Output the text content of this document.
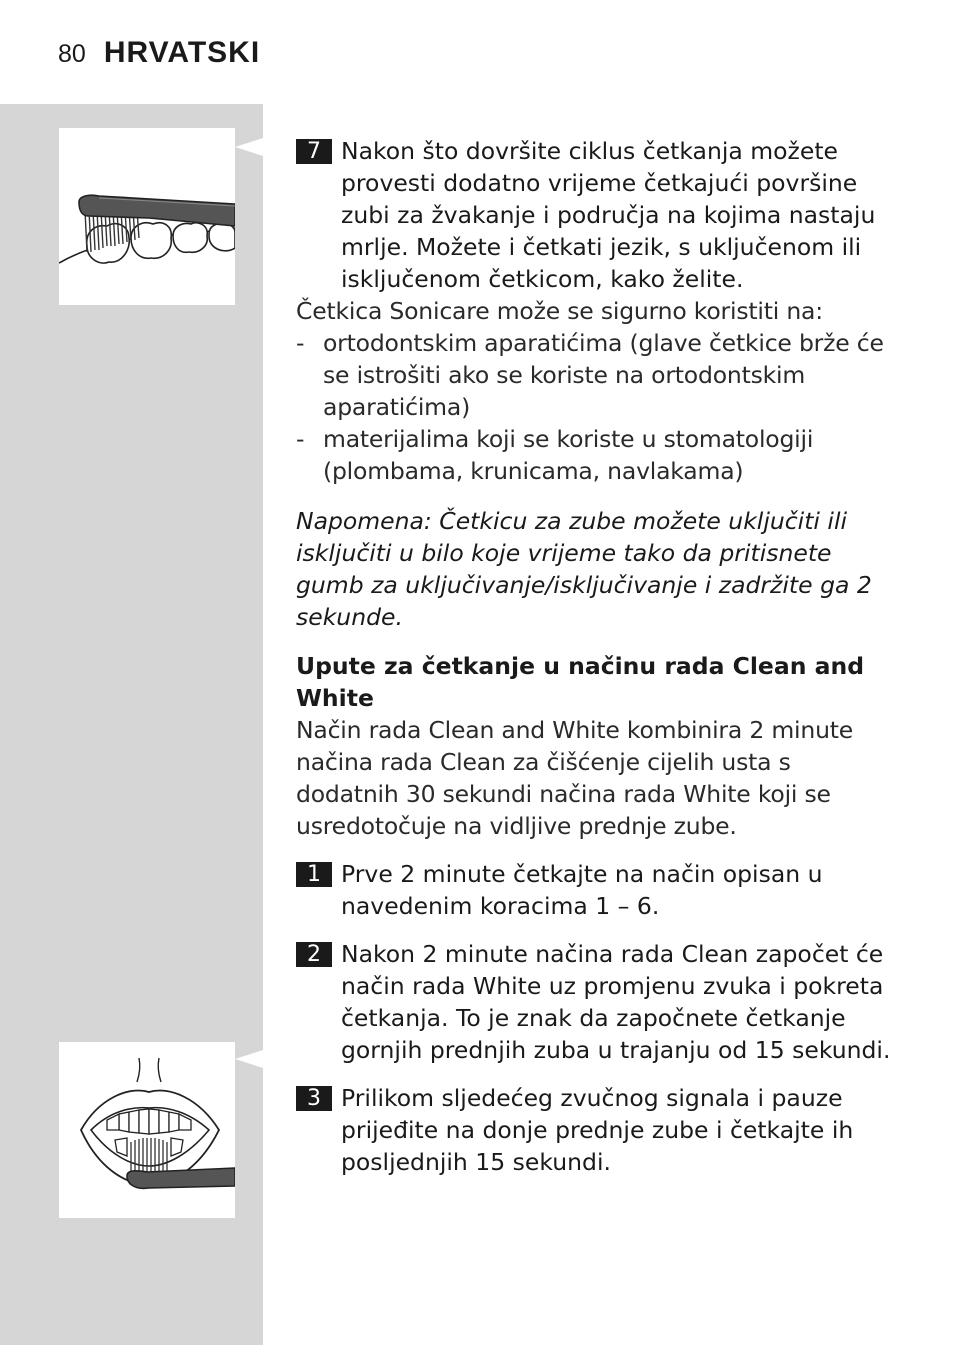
80 HRVATSKI
7 Nakon što dovršite ciklus četkanja možete provesti dodatno vrijeme četkajući površine zubi za žvakanje i područja na kojima nastaju mrlje. Možete i četkati jezik, s uključenom ili isključenom četkicom, kako želite.
Četkica Sonicare može se sigurno koristiti na:
- ortodontskim aparatićima (glave četkice brže će se istrošiti ako se koriste na ortodontskim aparatićima)
- materijalima koji se koriste u stomatologiji (plombama, krunicama, navlakama)
Napomena: Četkicu za zube možete uključiti ili isključiti u bilo koje vrijeme tako da pritisnete gumb za uključivanje/isključivanje i zadržite ga 2 sekunde.
Upute za četkanje u načinu rada Clean and White
Način rada Clean and White kombinira 2 minute načina rada Clean za čišćenje cijelih usta s dodatnih 30 sekundi načina rada White koji se usredotočuje na vidljive prednje zube.
1 Prve 2 minute četkajte na način opisan u navedenim koracima 1 – 6.
2 Nakon 2 minute načina rada Clean započet će način rada White uz promjenu zvuka i pokreta četkanja. To je znak da započnete četkanje gornjih prednjih zuba u trajanju od 15 sekundi.
3 Prilikom sljedećeg zvučnog signala i pauze prijeđite na donje prednje zube i četkajte ih posljednjih 15 sekundi.
